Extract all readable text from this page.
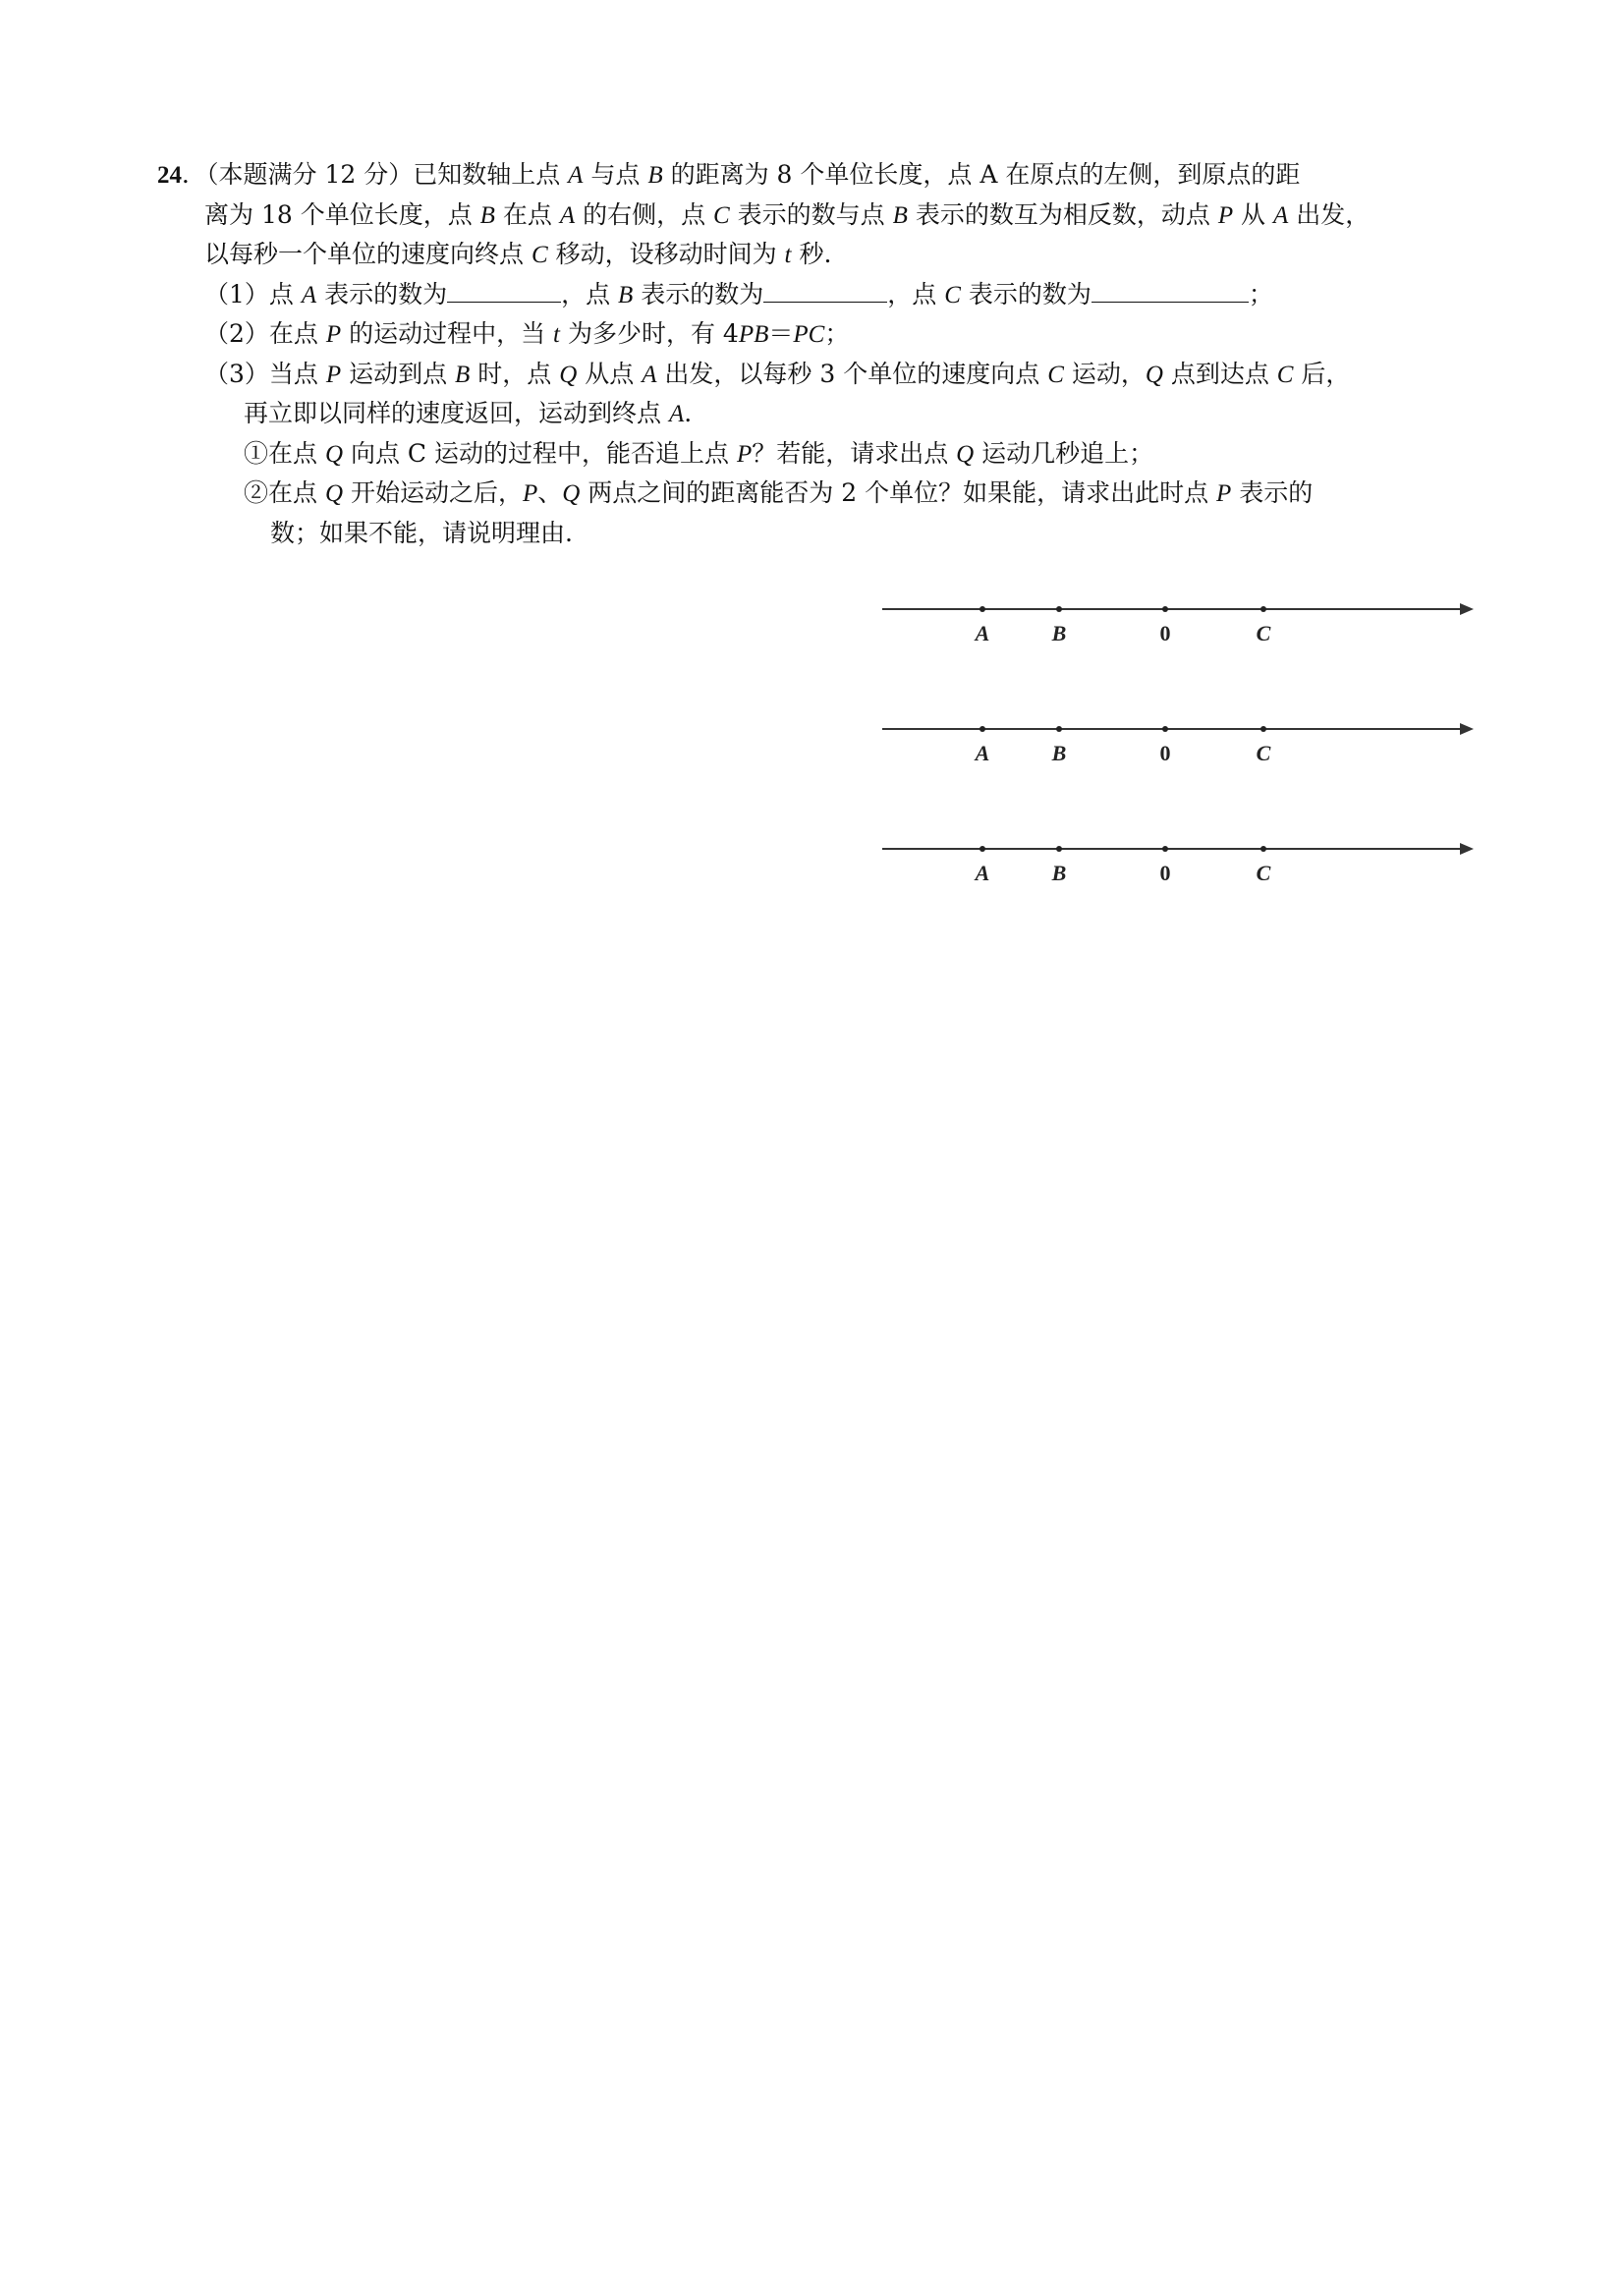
24．（本题满分 12 分）已知数轴上点 A 与点 B 的距离为 8 个单位长度，点 A 在原点的左侧，到原点的距
离为 18 个单位长度，点 B 在点 A 的右侧，点 C 表示的数与点 B 表示的数互为相反数，动点 P 从 A 出发，
以每秒一个单位的速度向终点 C 移动，设移动时间为 t 秒.
（1）点 A 表示的数为	，点 B 表示的数为	，点 C 表示的数为	；
（2）在点 P 的运动过程中，当 t 为多少时，有 4PB＝PC；
（3）当点 P 运动到点 B 时，点 Q 从点 A 出发，以每秒 3 个单位的速度向点 C 运动，Q 点到达点 C 后，
再立即以同样的速度返回，运动到终点 A.
①在点 Q 向点 C 运动的过程中，能否追上点 P？若能，请求出点 Q 运动几秒追上；
②在点 Q 开始运动之后，P、Q 两点之间的距离能否为 2 个单位？如果能，请求出此时点 P 表示的
数；如果不能，请说明理由.
A	B	0	C
A	B	0	C
A	B	0	C
